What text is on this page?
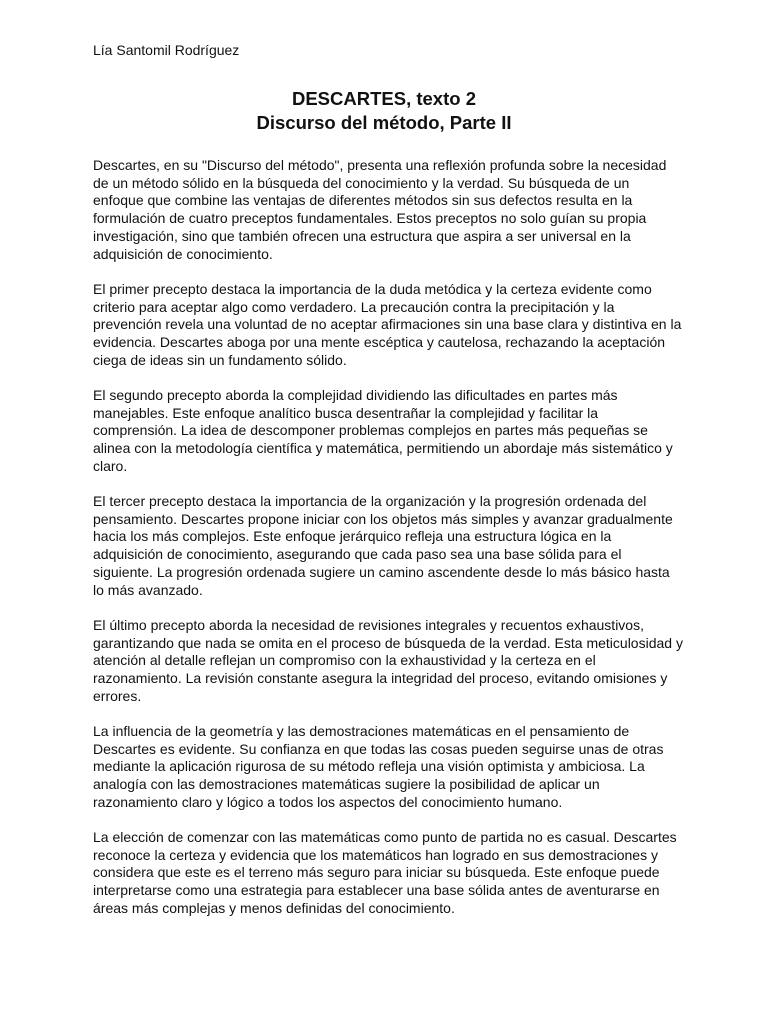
Lía Santomil Rodríguez
DESCARTES, texto 2
Discurso del método, Parte II

Descartes, en su "Discurso del método", presenta una reflexión profunda sobre la necesidad de un método sólido en la búsqueda del conocimiento y la verdad. Su búsqueda de un enfoque que combine las ventajas de diferentes métodos sin sus defectos resulta en la formulación de cuatro preceptos fundamentales. Estos preceptos no solo guían su propia investigación, sino que también ofrecen una estructura que aspira a ser universal en la adquisición de conocimiento.

El primer precepto destaca la importancia de la duda metódica y la certeza evidente como criterio para aceptar algo como verdadero. La precaución contra la precipitación y la prevención revela una voluntad de no aceptar afirmaciones sin una base clara y distintiva en la evidencia. Descartes aboga por una mente escéptica y cautelosa, rechazando la aceptación ciega de ideas sin un fundamento sólido.

El segundo precepto aborda la complejidad dividiendo las dificultades en partes más manejables. Este enfoque analítico busca desentrañar la complejidad y facilitar la comprensión. La idea de descomponer problemas complejos en partes más pequeñas se alinea con la metodología científica y matemática, permitiendo un abordaje más sistemático y claro.

El tercer precepto destaca la importancia de la organización y la progresión ordenada del pensamiento. Descartes propone iniciar con los objetos más simples y avanzar gradualmente hacia los más complejos. Este enfoque jerárquico refleja una estructura lógica en la adquisición de conocimiento, asegurando que cada paso sea una base sólida para el siguiente. La progresión ordenada sugiere un camino ascendente desde lo más básico hasta lo más avanzado.

El último precepto aborda la necesidad de revisiones integrales y recuentos exhaustivos, garantizando que nada se omita en el proceso de búsqueda de la verdad. Esta meticulosidad y atención al detalle reflejan un compromiso con la exhaustividad y la certeza en el razonamiento. La revisión constante asegura la integridad del proceso, evitando omisiones y errores.

La influencia de la geometría y las demostraciones matemáticas en el pensamiento de Descartes es evidente. Su confianza en que todas las cosas pueden seguirse unas de otras mediante la aplicación rigurosa de su método refleja una visión optimista y ambiciosa. La analogía con las demostraciones matemáticas sugiere la posibilidad de aplicar un razonamiento claro y lógico a todos los aspectos del conocimiento humano.

La elección de comenzar con las matemáticas como punto de partida no es casual. Descartes reconoce la certeza y evidencia que los matemáticos han logrado en sus demostraciones y considera que este es el terreno más seguro para iniciar su búsqueda. Este enfoque puede interpretarse como una estrategia para establecer una base sólida antes de aventurarse en áreas más complejas y menos definidas del conocimiento.
